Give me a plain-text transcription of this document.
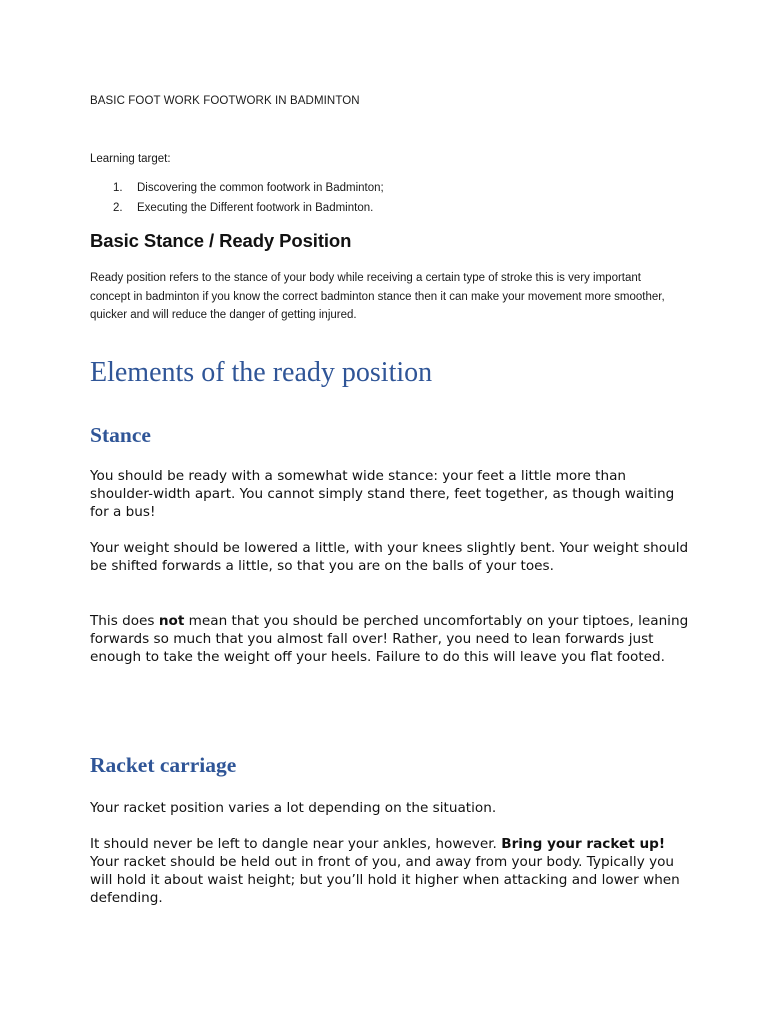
BASIC FOOT WORK FOOTWORK IN BADMINTON
Learning target:
1. Discovering the common footwork in Badminton;
2. Executing the Different footwork in Badminton.
Basic Stance / Ready Position

Ready position refers to the stance of your body while receiving a certain type of stroke this is very important concept in badminton if you know the correct badminton stance then it can make your movement more smoother, quicker and will reduce the danger of getting injured.

Elements of the ready position
Stance

You should be ready with a somewhat wide stance: your feet a little more than shoulder-width apart. You cannot simply stand there, feet together, as though waiting for a bus!

Your weight should be lowered a little, with your knees slightly bent. Your weight should be shifted forwards a little, so that you are on the balls of your toes.

This does not mean that you should be perched uncomfortably on your tiptoes, leaning forwards so much that you almost fall over! Rather, you need to lean forwards just enough to take the weight off your heels. Failure to do this will leave you flat footed.

Racket carriage

Your racket position varies a lot depending on the situation.

It should never be left to dangle near your ankles, however. Bring your racket up! Your racket should be held out in front of you, and away from your body. Typically you will hold it about waist height; but you’ll hold it higher when attacking and lower when defending.
